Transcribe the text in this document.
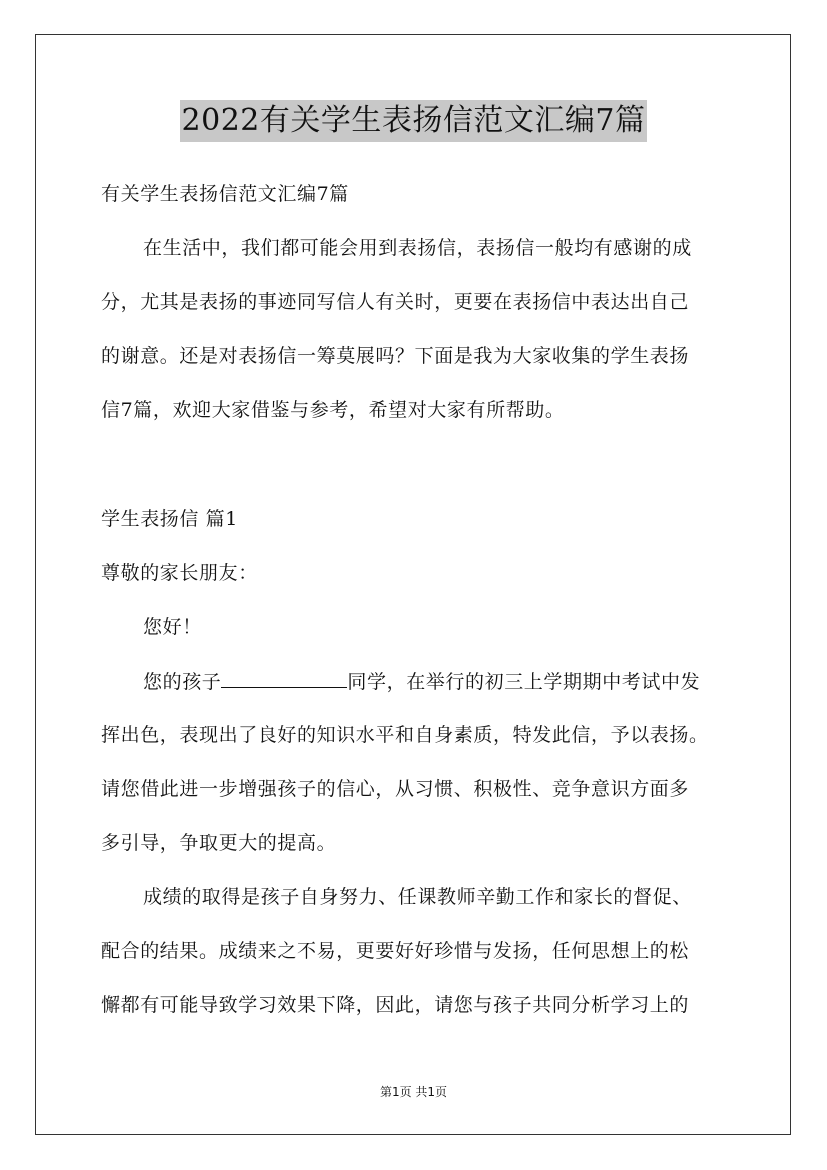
2022有关学生表扬信范文汇编7篇
有关学生表扬信范文汇编7篇
在生活中，我们都可能会用到表扬信，表扬信一般均有感谢的成
分，尤其是表扬的事迹同写信人有关时，更要在表扬信中表达出自己
的谢意。还是对表扬信一筹莫展吗？下面是我为大家收集的学生表扬
信7篇，欢迎大家借鉴与参考，希望对大家有所帮助。
学生表扬信 篇1
尊敬的家长朋友：
您好！
您的孩子	同学，在举行的初三上学期期中考试中发
挥出色，表现出了良好的知识水平和自身素质，特发此信，予以表扬。
请您借此进一步增强孩子的信心，从习惯、积极性、竞争意识方面多
多引导，争取更大的提高。
成绩的取得是孩子自身努力、任课教师辛勤工作和家长的督促、
配合的结果。成绩来之不易，更要好好珍惜与发扬，任何思想上的松
懈都有可能导致学习效果下降，因此，请您与孩子共同分析学习上的
第1页 共1页
